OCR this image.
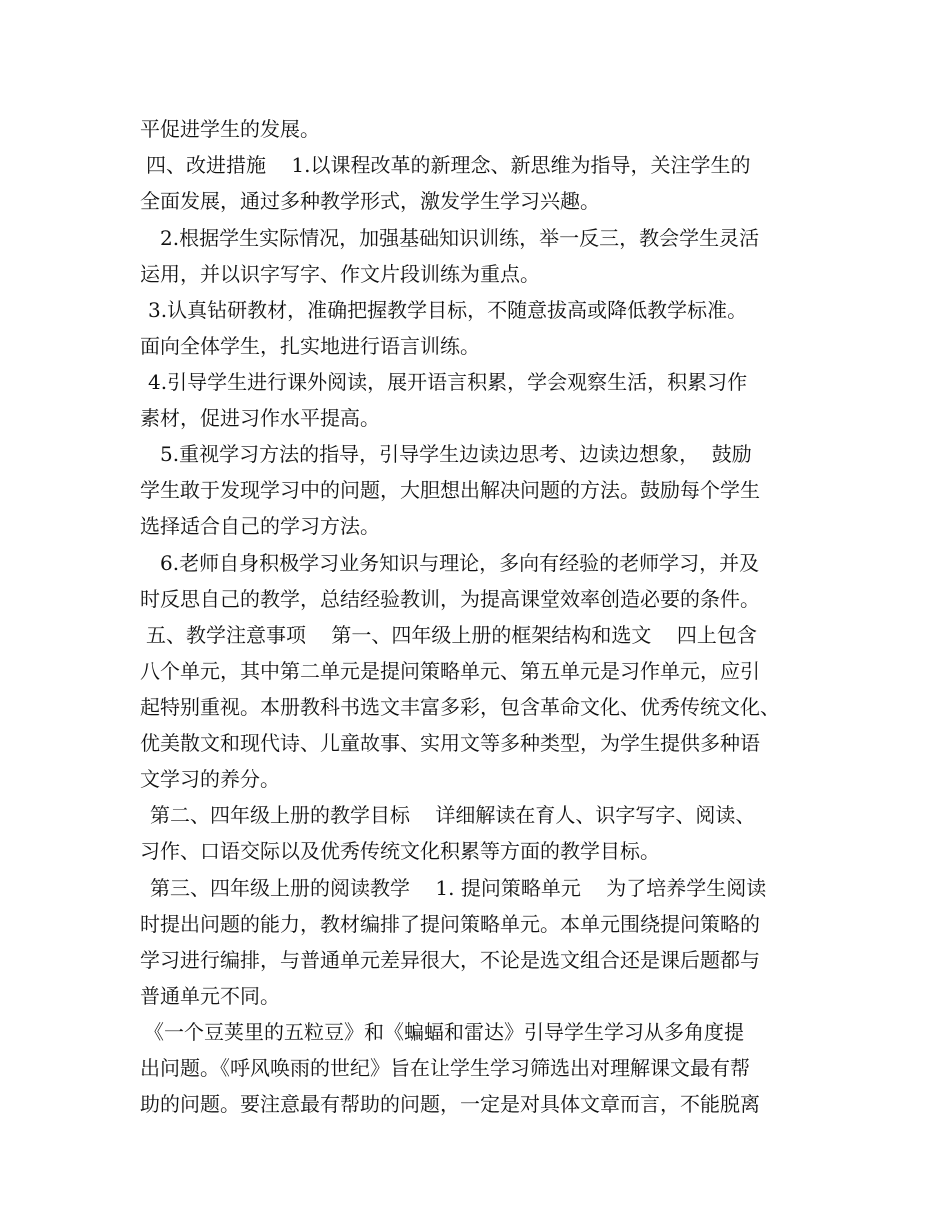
平促进学生的发展。
四、改进措施    1.以课程改革的新理念、新思维为指导，关注学生的
全面发展，通过多种教学形式，激发学生学习兴趣。
2.根据学生实际情况，加强基础知识训练，举一反三，教会学生灵活
运用，并以识字写字、作文片段训练为重点。
3.认真钻研教材，准确把握教学目标，不随意拔高或降低教学标准。
面向全体学生，扎实地进行语言训练。
4.引导学生进行课外阅读，展开语言积累，学会观察生活，积累习作
素材，促进习作水平提高。
5.重视学习方法的指导，引导学生边读边思考、边读边想象，  鼓励
学生敢于发现学习中的问题，大胆想出解决问题的方法。鼓励每个学生
选择适合自己的学习方法。
6.老师自身积极学习业务知识与理论，多向有经验的老师学习，并及
时反思自己的教学，总结经验教训，为提高课堂效率创造必要的条件。
五、教学注意事项    第一、四年级上册的框架结构和选文    四上包含
八个单元，其中第二单元是提问策略单元、第五单元是习作单元，应引
起特别重视。本册教科书选文丰富多彩，包含革命文化、优秀传统文化、
优美散文和现代诗、儿童故事、实用文等多种类型，为学生提供多种语
文学习的养分。
第二、四年级上册的教学目标    详细解读在育人、识字写字、阅读、
习作、口语交际以及优秀传统文化积累等方面的教学目标。
第三、四年级上册的阅读教学    1. 提问策略单元    为了培养学生阅读
时提出问题的能力，教材编排了提问策略单元。本单元围绕提问策略的
学习进行编排，与普通单元差异很大，不论是选文组合还是课后题都与
普通单元不同。
《一个豆荚里的五粒豆》和《蝙蝠和雷达》引导学生学习从多角度提
出问题。《呼风唤雨的世纪》旨在让学生学习筛选出对理解课文最有帮
助的问题。要注意最有帮助的问题，一定是对具体文章而言，不能脱离
